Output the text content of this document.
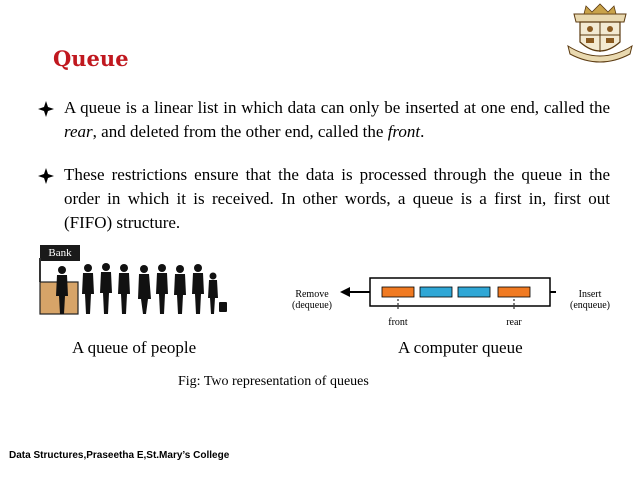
Queue
A queue is a linear list in which data can only be inserted at one end, called the rear, and deleted from the other end, called the front.
These restrictions ensure that the data is processed through the queue in the order in which it is received. In other words, a queue is a first in, first out (FIFO) structure.
Bank
A queue of people
Remove
(dequeue)
Insert
(enqueue)
front	rear
A computer queue
Fig: Two representation of queues
Data Structures,Praseetha E,St.Mary’s College
